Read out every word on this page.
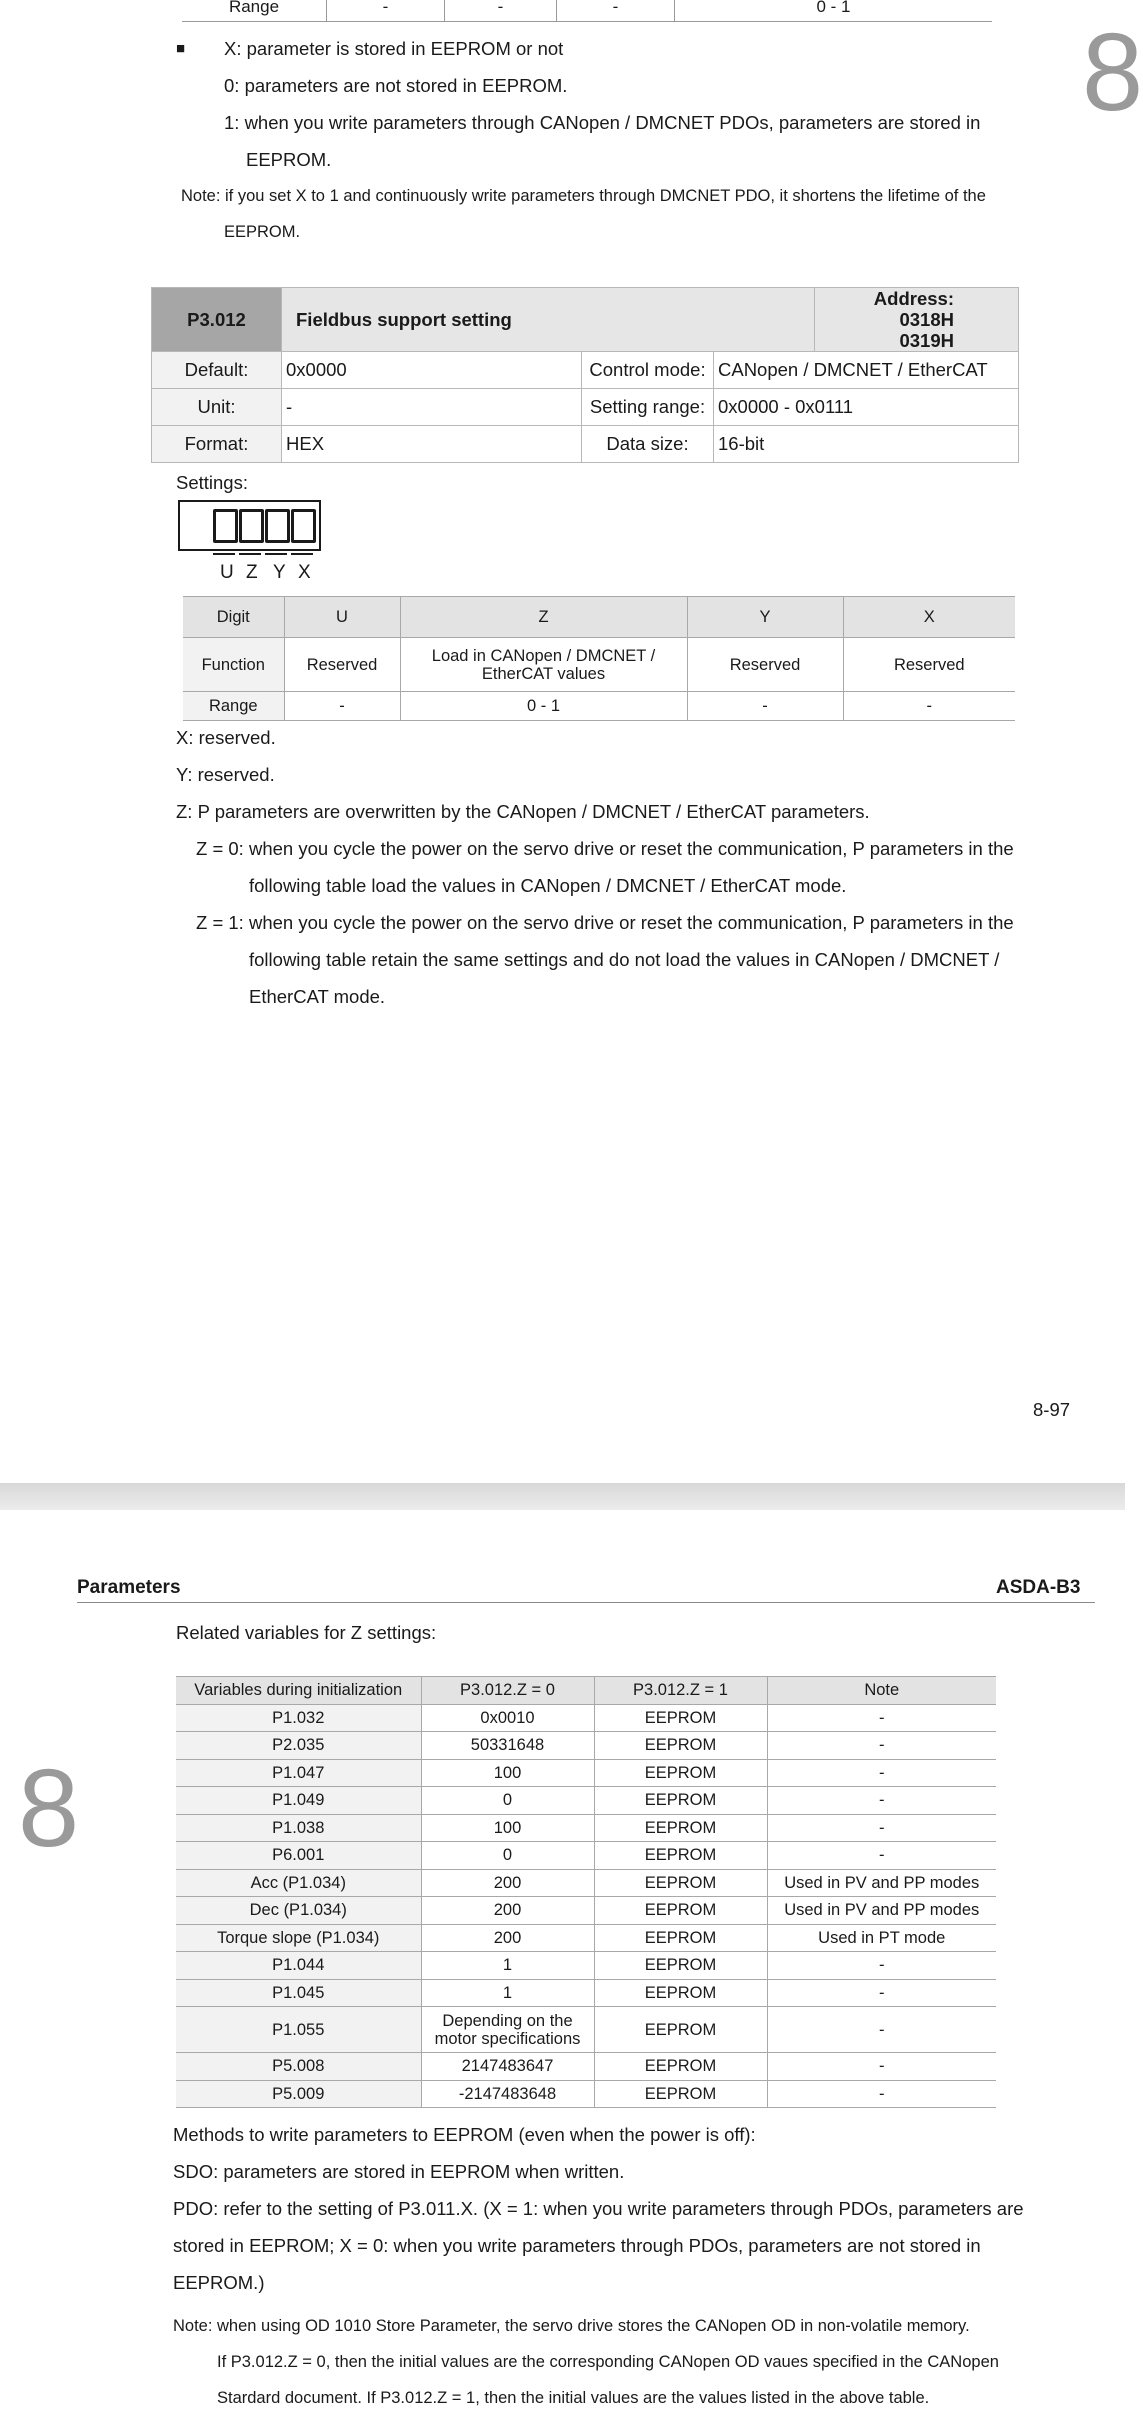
Range	-	-	-	0 - 1
■ X: parameter is stored in EEPROM or not
0: parameters are not stored in EEPROM.
1: when you write parameters through CANopen / DMCNET PDOs, parameters are stored in
EEPROM.
Note: if you set X to 1 and continuously write parameters through DMCNET PDO, it shortens the lifetime of the
EEPROM.
8
P3.012	Fieldbus support setting			Address: 0318H
0319H

Default:	0x0000	Control mode:	CANopen / DMCNET / EtherCAT	
Unit:	-	Setting range:	0x0000 - 0x0111	
Format:	HEX	Data size:	16-bit	
Settings:
U Z Y X
Digit	U	Z	Y	X
Function	Reserved	Load in CANopen / DMCNET / EtherCAT values	Reserved	Reserved
Range	-	0 - 1	-	-
X: reserved.
Y: reserved.
Z: P parameters are overwritten by the CANopen / DMCNET / EtherCAT parameters.
Z = 0: when you cycle the power on the servo drive or reset the communication, P parameters in the
following table load the values in CANopen / DMCNET / EtherCAT mode.
Z = 1: when you cycle the power on the servo drive or reset the communication, P parameters in the
following table retain the same settings and do not load the values in CANopen / DMCNET /
EtherCAT mode.
8-97
Parameters	ASDA-B3
8
Related variables for Z settings:
Variables during initialization	P3.012.Z = 0	P3.012.Z = 1	Note
P1.032	0x0010	EEPROM	-
P2.035	50331648	EEPROM	-
P1.047	100	EEPROM	-
P1.049	0	EEPROM	-
P1.038	100	EEPROM	-
P6.001	0	EEPROM	-
Acc (P1.034)	200	EEPROM	Used in PV and PP modes
Dec (P1.034)	200	EEPROM	Used in PV and PP modes
Torque slope (P1.034)	200	EEPROM	Used in PT mode
P1.044	1	EEPROM	-
P1.045	1	EEPROM	-
P1.055	Depending on the motor specifications	EEPROM	-
P5.008	2147483647	EEPROM	-
P5.009	-2147483648	EEPROM	-
Methods to write parameters to EEPROM (even when the power is off):
SDO: parameters are stored in EEPROM when written.
PDO: refer to the setting of P3.011.X. (X = 1: when you write parameters through PDOs, parameters are
stored in EEPROM; X = 0: when you write parameters through PDOs, parameters are not stored in
EEPROM.)
Note: when using OD 1010 Store Parameter, the servo drive stores the CANopen OD in non-volatile memory.
If P3.012.Z = 0, then the initial values are the corresponding CANopen OD vaues specified in the CANopen
Stardard document. If P3.012.Z = 1, then the initial values are the values listed in the above table.
